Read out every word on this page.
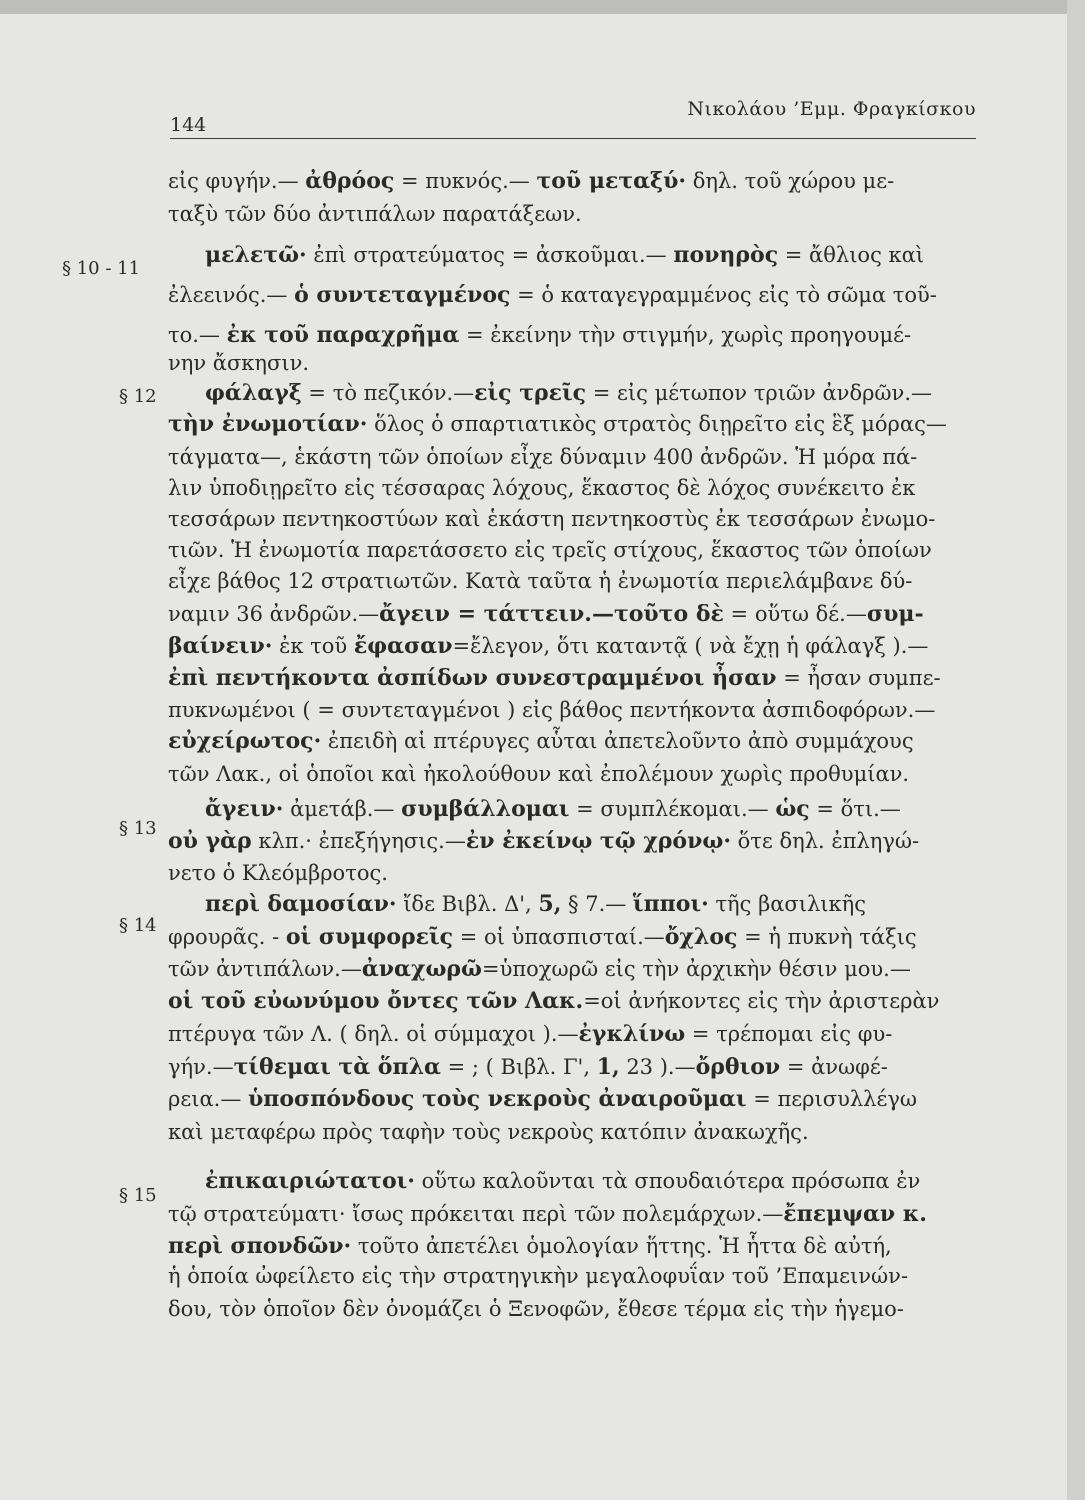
144
Νικολάου ’Εμμ. Φραγκίσκου
§ 10 - 11
§ 12
§ 13
§ 14
§ 15
εἰς φυγήν.— ἀθρόος = πυκνός.— τοῦ μεταξύ· δηλ. τοῦ χώρου με-
ταξὺ τῶν δύο ἀντιπάλων παρατάξεων.
μελετῶ· ἐπὶ στρατεύματος = ἀσκοῦμαι.— πονηρὸς = ἄθλιος καὶ
ἐλεεινός.— ὁ συντεταγμένος = ὁ καταγεγραμμένος εἰς τὸ σῶμα τοῦ-
το.— ἐκ τοῦ παραχρῆμα = ἐκείνην τὴν στιγμήν, χωρὶς προηγουμέ-
νην ἄσκησιν.
φάλαγξ = τὸ πεζικόν.—εἰς τρεῖς = εἰς μέτωπον τριῶν ἀνδρῶν.—
τὴν ἐνωμοτίαν· ὅλος ὁ σπαρτιατικὸς στρατὸς διῃρεῖτο εἰς ἓξ μόρας—
τάγματα—, ἑκάστη τῶν ὁποίων εἶχε δύναμιν 400 ἀνδρῶν. Ἡ μόρα πά-
λιν ὑποδιῃρεῖτο εἰς τέσσαρας λόχους, ἕκαστος δὲ λόχος συνέκειτο ἐκ
τεσσάρων πεντηκοστύων καὶ ἑκάστη πεντηκοστὺς ἐκ τεσσάρων ἐνωμο-
τιῶν. Ἡ ἐνωμοτία παρετάσσετο εἰς τρεῖς στίχους, ἕκαστος τῶν ὁποίων
εἶχε βάθος 12 στρατιωτῶν. Κατὰ ταῦτα ἡ ἐνωμοτία περιελάμβανε δύ-
ναμιν 36 ἀνδρῶν.—ἄγειν = τάττειν.—τοῦτο δὲ = οὕτω δέ.—συμ-
βαίνειν· ἐκ τοῦ ἔφασαν=ἔλεγον, ὅτι καταντᾷ ( νὰ ἔχῃ ἡ φάλαγξ ).—
ἐπὶ πεντήκοντα ἀσπίδων συνεστραμμένοι ἦσαν = ἦσαν συμπε-
πυκνωμένοι ( = συντεταγμένοι ) εἰς βάθος πεντήκοντα ἀσπιδοφόρων.—
εὐχείρωτος· ἐπειδὴ αἱ πτέρυγες αὗται ἀπετελοῦντο ἀπὸ συμμάχους
τῶν Λακ., οἱ ὁποῖοι καὶ ἠκολούθουν καὶ ἐπολέμουν χωρὶς προθυμίαν.
ἄγειν· ἀμετάβ.— συμβάλλομαι = συμπλέκομαι.— ὡς = ὅτι.—
οὐ γὰρ κλπ.· ἐπεξήγησις.—ἐν ἐκείνῳ τῷ χρόνῳ· ὅτε δηλ. ἐπληγώ-
νετο ὁ Κλεόμβροτος.
περὶ δαμοσίαν· ἴδε Βιβλ. Δ', 5, § 7.— ἵπποι· τῆς βασιλικῆς
φρουρᾶς. - οἱ συμφορεῖς = οἱ ὑπασπισταί.—ὄχλος = ἡ πυκνὴ τάξις
τῶν ἀντιπάλων.—ἀναχωρῶ=ὑποχωρῶ εἰς τὴν ἀρχικὴν θέσιν μου.—
οἱ τοῦ εὐωνύμου ὄντες τῶν Λακ.=οἱ ἀνήκοντες εἰς τὴν ἀριστερὰν
πτέρυγα τῶν Λ. ( δηλ. οἱ σύμμαχοι ).—ἐγκλίνω = τρέπομαι εἰς φυ-
γήν.—τίθεμαι τὰ ὅπλα = ; ( Βιβλ. Γ', 1, 23 ).—ὄρθιον = ἀνωφέ-
ρεια.— ὑποσπόνδους τοὺς νεκροὺς ἀναιροῦμαι = περισυλλέγω
καὶ μεταφέρω πρὸς ταφὴν τοὺς νεκροὺς κατόπιν ἀνακωχῆς.
ἐπικαιριώτατοι· οὕτω καλοῦνται τὰ σπουδαιότερα πρόσωπα ἐν
τῷ στρατεύματι· ἴσως πρόκειται περὶ τῶν πολεμάρχων.—ἔπεμψαν κ.
περὶ σπονδῶν· τοῦτο ἀπετέλει ὁμολογίαν ἥττης. Ἡ ἧττα δὲ αὐτή,
ἡ ὁποία ὠφείλετο εἰς τὴν στρατηγικὴν μεγαλοφυΐαν τοῦ ’Επαμεινών-
δου, τὸν ὁποῖον δὲν ὀνομάζει ὁ Ξενοφῶν, ἔθεσε τέρμα εἰς τὴν ἡγεμο-
